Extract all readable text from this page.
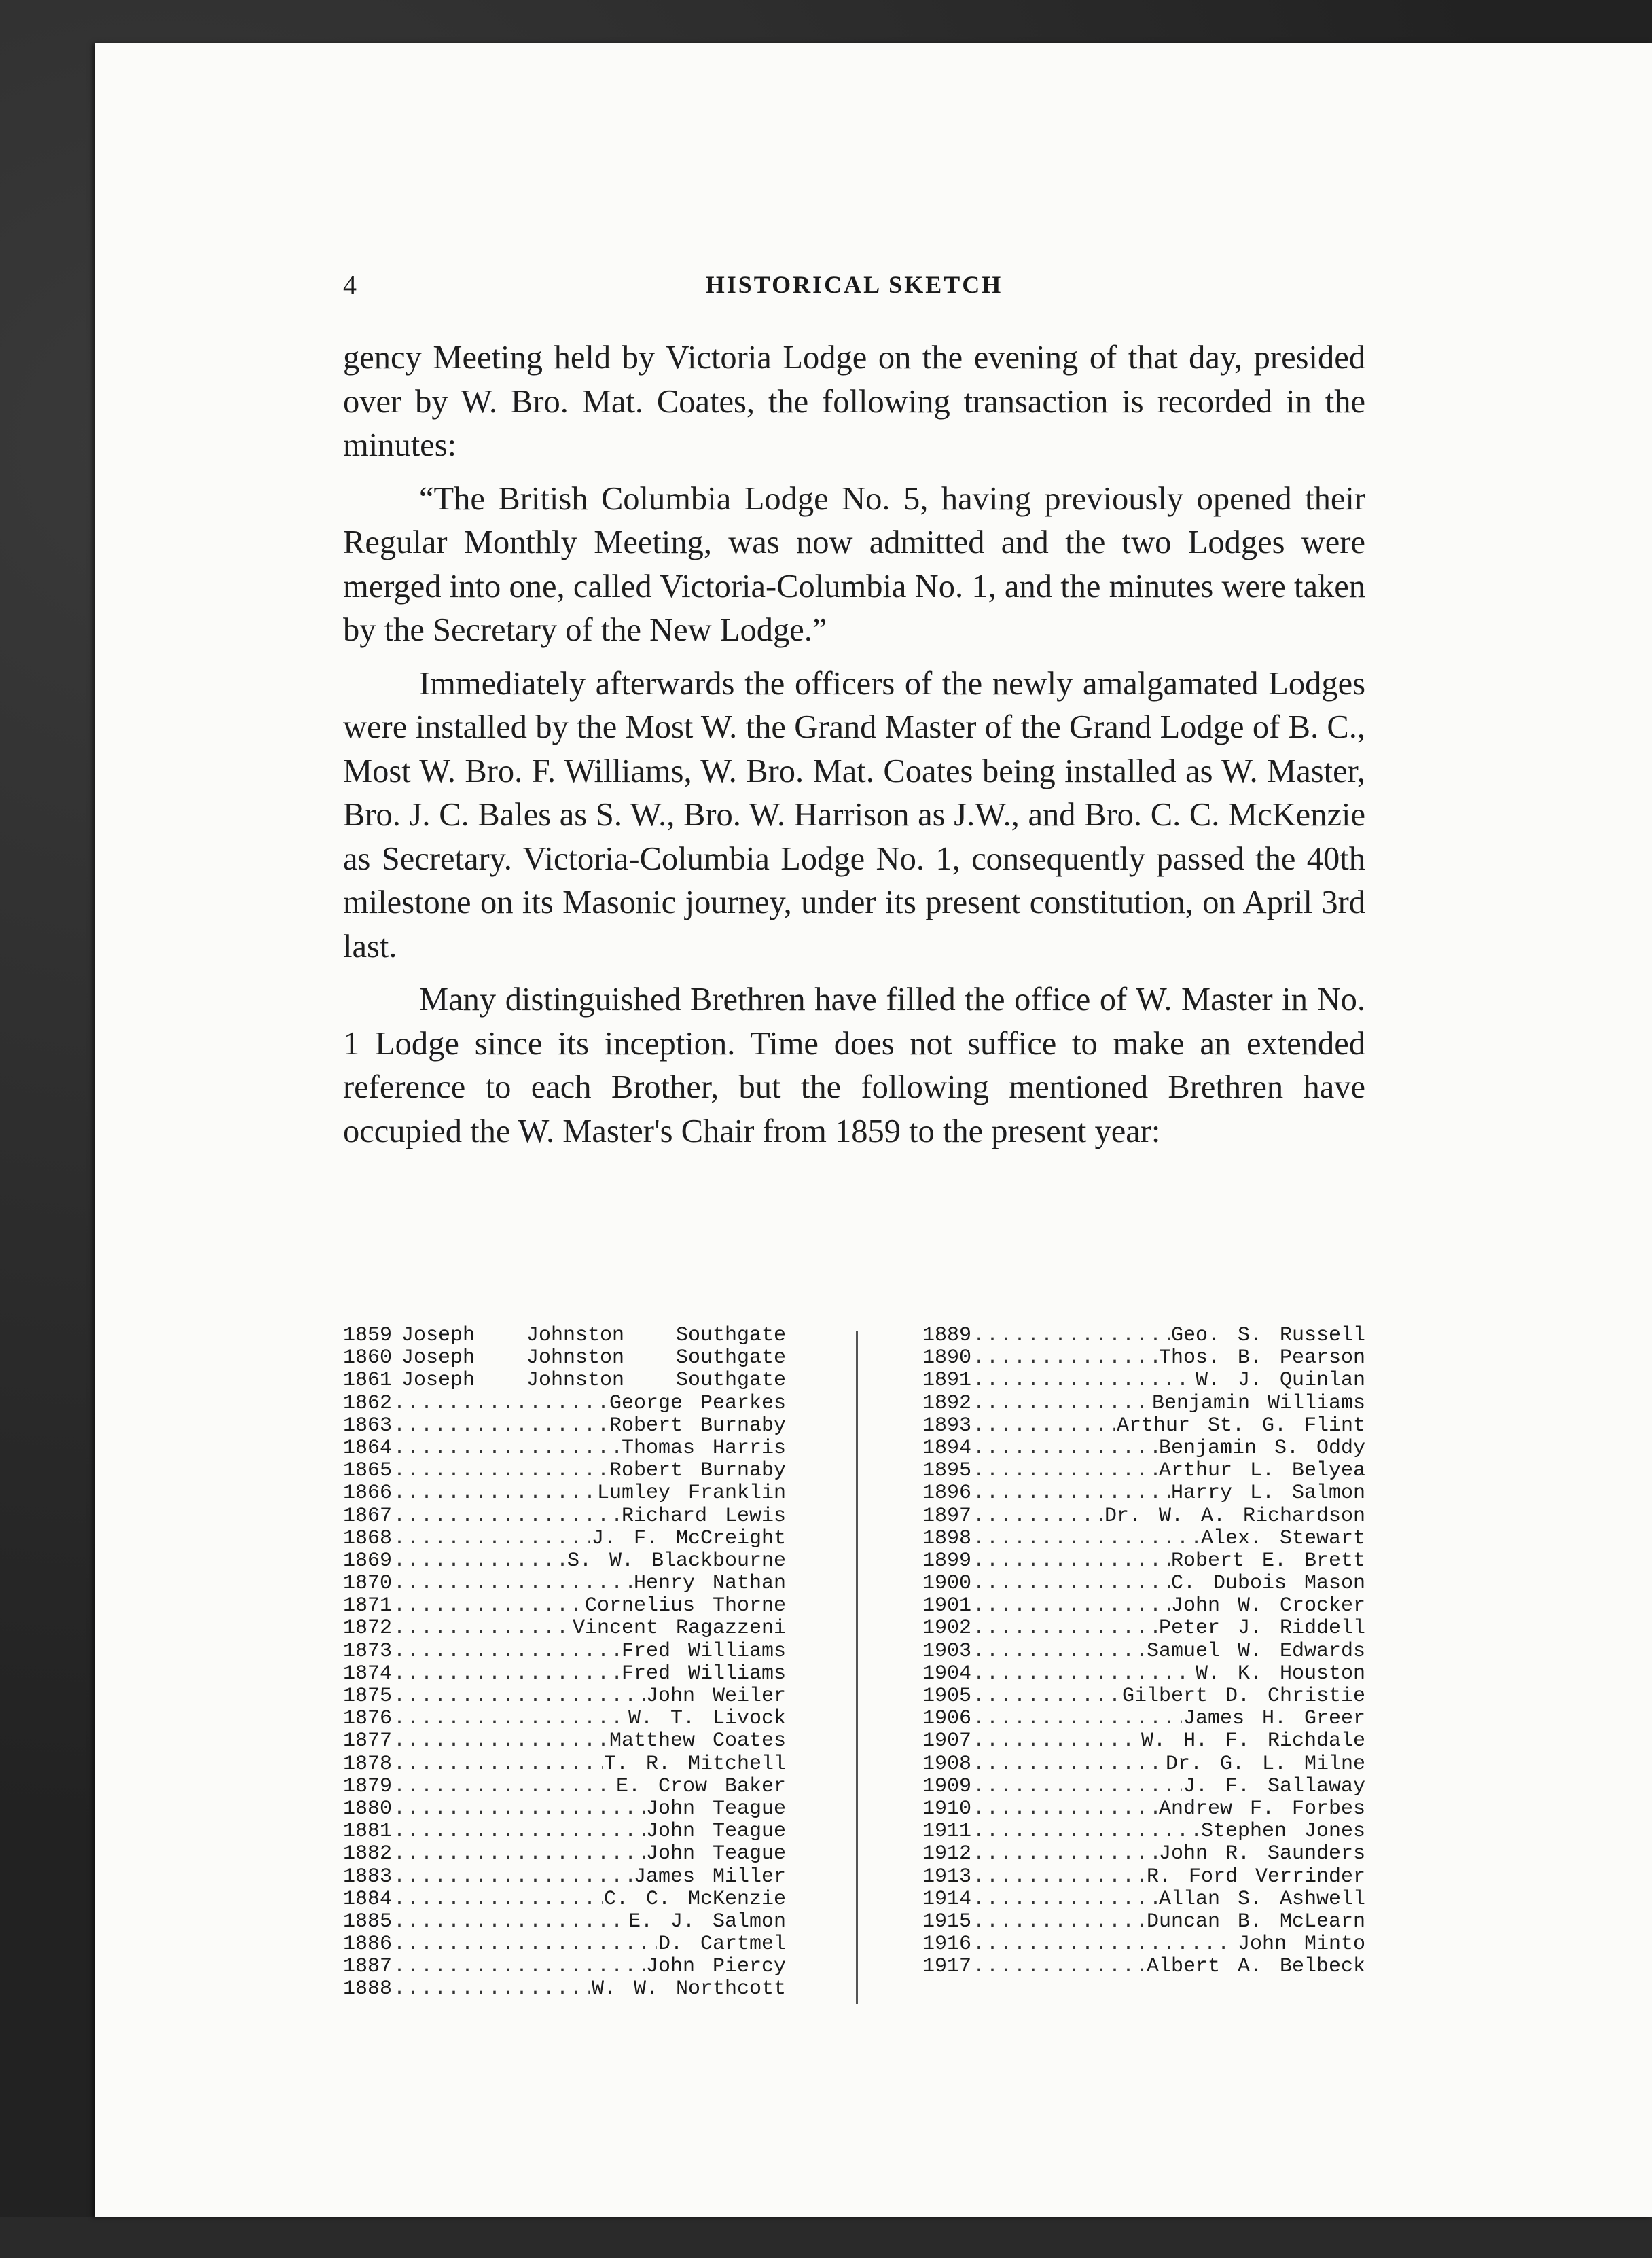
4	HISTORICAL SKETCH

gency Meeting held by Victoria Lodge on the evening of that day, presided over by W. Bro. Mat. Coates, the following transaction is recorded in the minutes:

“The British Columbia Lodge No. 5, having previously opened their Regular Monthly Meeting, was now admitted and the two Lodges were merged into one, called Victoria-Columbia No. 1, and the minutes were taken by the Secretary of the New Lodge.”

Immediately afterwards the officers of the newly amalgamated Lodges were installed by the Most W. the Grand Master of the Grand Lodge of B. C., Most W. Bro. F. Williams, W. Bro. Mat. Coates being installed as W. Master, Bro. J. C. Bales as S. W., Bro. W. Harrison as J.W., and Bro. C. C. McKenzie as Secretary. Victoria-Columbia Lodge No. 1, consequently passed the 40th milestone on its Masonic journey, under its present constitution, on April 3rd last.

Many distinguished Brethren have filled the office of W. Master in No. 1 Lodge since its inception. Time does not suffice to make an extended reference to each Brother, but the following mentioned Brethren have occupied the W. Master's Chair from 1859 to the present year:

1859 Joseph Johnston Southgate
1860 Joseph Johnston Southgate
1861 Joseph Johnston Southgate
1862 .....	George Pearkes
1863 .....	Robert Burnaby
1864 .....	Thomas Harris
1865 .....	Robert Burnaby
1866 .....	Lumley Franklin
1867 .....	Richard Lewis
1868 .....	J. F. McCreight
1869 .....	S. W. Blackbourne
1870 .....	Henry Nathan
1871 .....	Cornelius Thorne
1872 .....	Vincent Ragazzeni
1873 .....	Fred Williams
1874 .....	Fred Williams
1875 .....	John Weiler
1876 .....	W. T. Livock
1877 .....	Matthew Coates
1878 .....	T. R. Mitchell
1879 .....	E. Crow Baker
1880 .....	John Teague
1881 .....	John Teague
1882 .....	John Teague
1883 .....	James Miller
1884 .....	C. C. McKenzie
1885 .....	E. J. Salmon
1886 .....	D. Cartmel
1887 .....	John Piercy
1888 .....	W. W. Northcott
1889 .....	Geo. S. Russell
1890 .....	Thos. B. Pearson
1891 .....	W. J. Quinlan
1892 .....	Benjamin Williams
1893 .....	Arthur St. G. Flint
1894 .....	Benjamin S. Oddy
1895 .....	Arthur L. Belyea
1896 .....	Harry L. Salmon
1897 .....	Dr. W. A. Richardson
1898 .....	Alex. Stewart
1899 .....	Robert E. Brett
1900 .....	C. Dubois Mason
1901 .....	John W. Crocker
1902 .....	Peter J. Riddell
1903 .....	Samuel W. Edwards
1904 .....	W. K. Houston
1905 .....	Gilbert D. Christie
1906 .....	James H. Greer
1907 .....	W. H. F. Richdale
1908 .....	Dr. G. L. Milne
1909 .....	J. F. Sallaway
1910 .....	Andrew F. Forbes
1911 .....	Stephen Jones
1912 .....	John R. Saunders
1913 .....	R. Ford Verrinder
1914 .....	Allan S. Ashwell
1915 .....	Duncan B. McLearn
1916 .....	John Minto
1917 .....	Albert A. Belbeck
